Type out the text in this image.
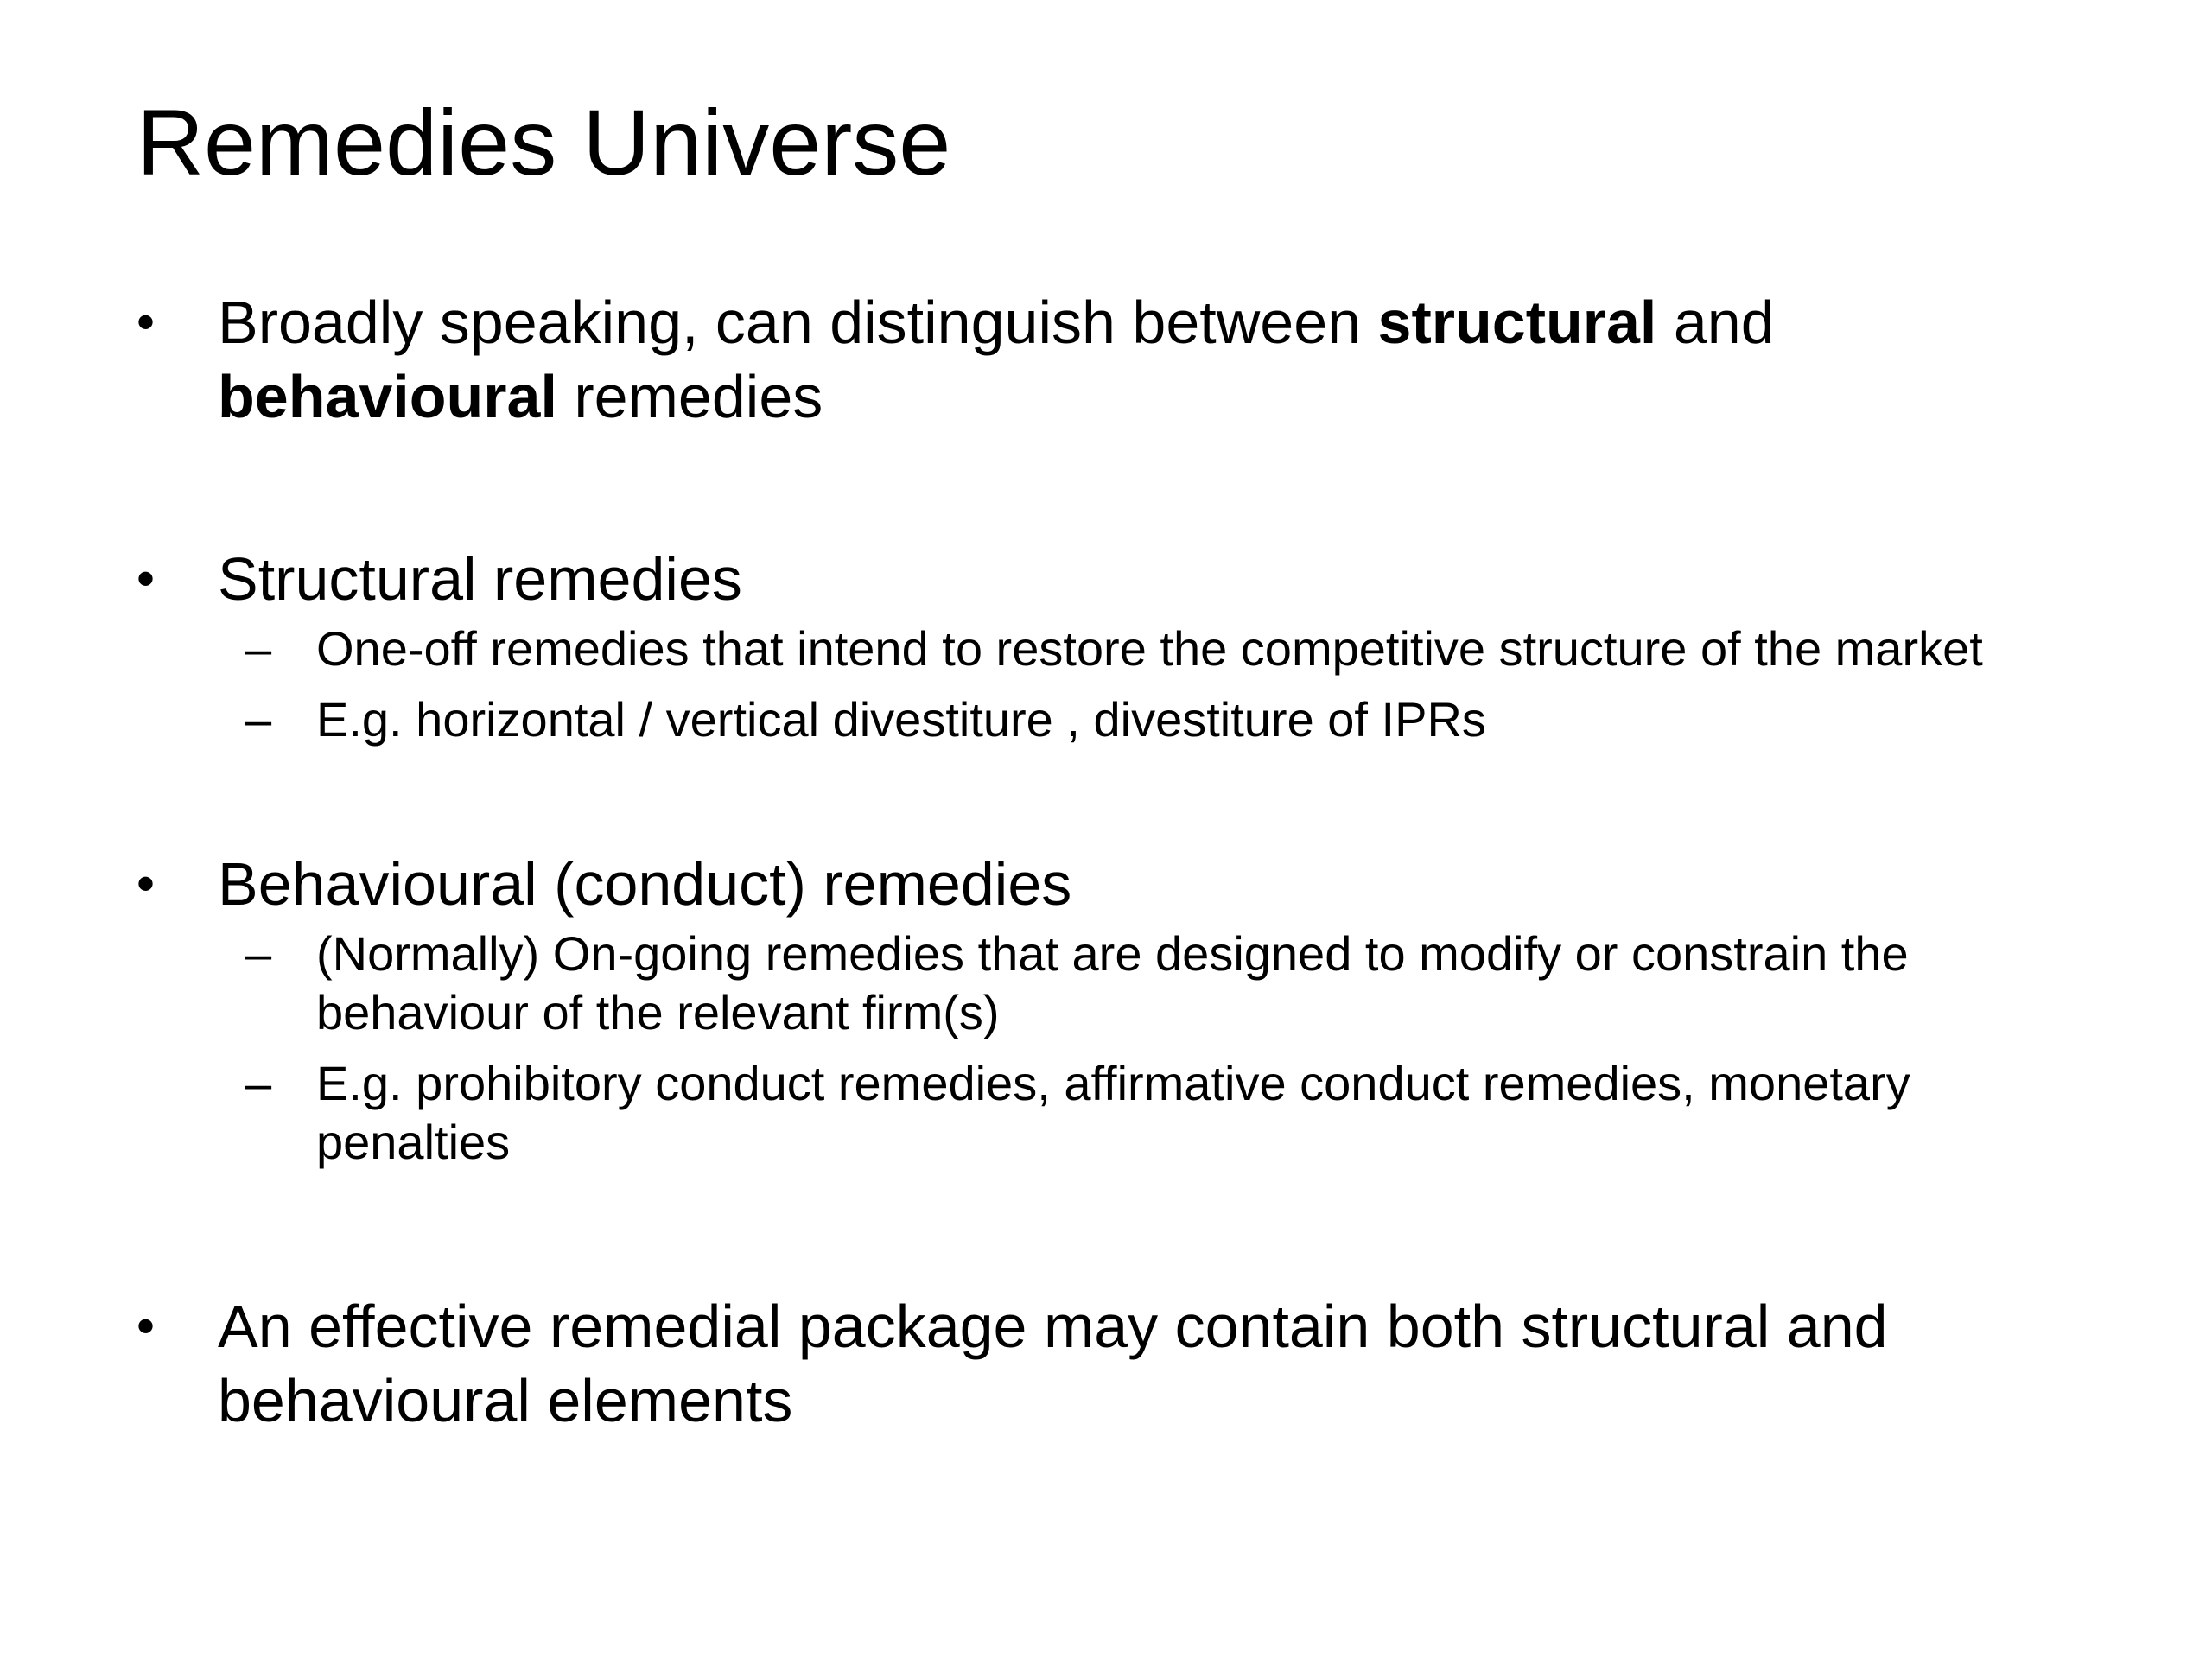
Remedies Universe
•	Broadly speaking, can distinguish between structural and behavioural remedies
•	Structural remedies
– One-off remedies that intend to restore the competitive structure of the market
– E.g. horizontal / vertical divestiture , divestiture of IPRs
•	Behavioural (conduct) remedies
– (Normally) On-going remedies that are designed to modify or constrain the behaviour of the relevant firm(s)
– E.g. prohibitory conduct remedies, affirmative conduct remedies, monetary penalties
•	An effective remedial package may contain both structural and behavioural elements
